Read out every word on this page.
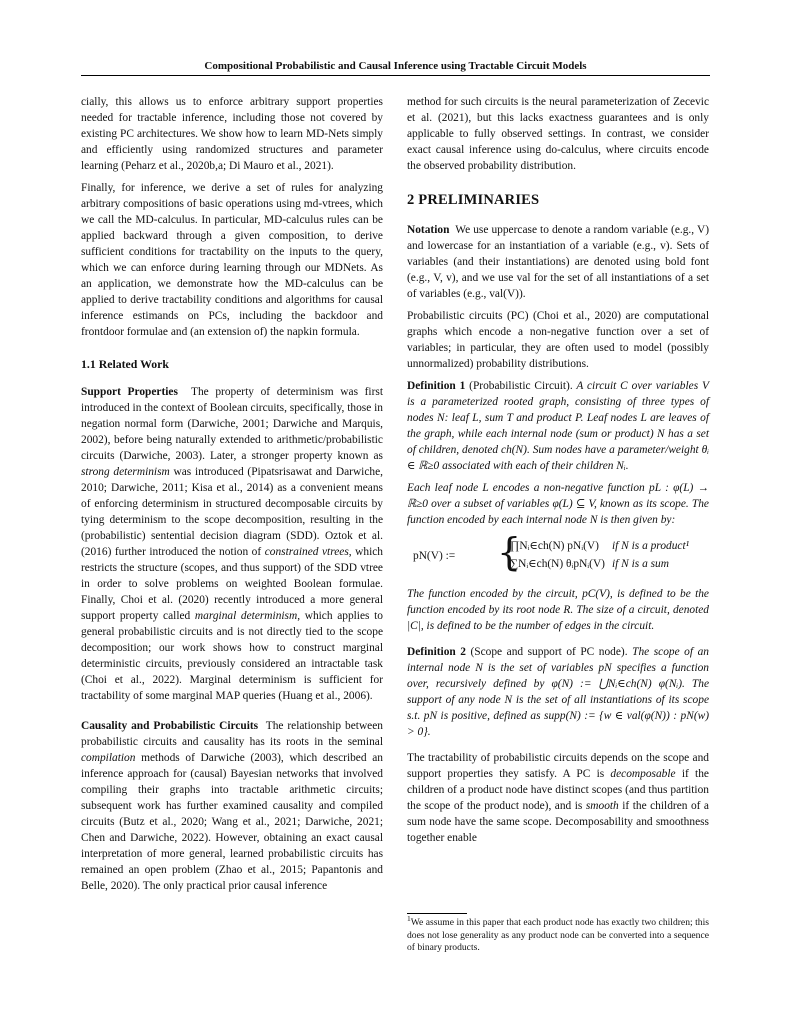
Compositional Probabilistic and Causal Inference using Tractable Circuit Models

cially, this allows us to enforce arbitrary support properties needed for tractable inference, including those not covered by existing PC architectures. We show how to learn MD-Nets simply and efficiently using randomized structures and parameter learning (Peharz et al., 2020b,a; Di Mauro et al., 2021).

Finally, for inference, we derive a set of rules for analyzing arbitrary compositions of basic operations using md-vtrees, which we call the MD-calculus. In particular, MD-calculus rules can be applied backward through a given composition, to derive sufficient conditions for tractability on the inputs to the query, which we can enforce during learning through our MDNets. As an application, we demonstrate how the MD-calculus can be applied to derive tractability conditions and algorithms for causal inference estimands on PCs, including the backdoor and frontdoor formulae and (an extension of) the napkin formula.

1.1 Related Work

Support Properties The property of determinism was first introduced in the context of Boolean circuits, specifically, those in negation normal form (Darwiche, 2001; Darwiche and Marquis, 2002), before being naturally extended to arithmetic/probabilistic circuits (Darwiche, 2003). Later, a stronger property known as strong determinism was introduced (Pipatsrisawat and Darwiche, 2010; Darwiche, 2011; Kisa et al., 2014) as a convenient means of enforcing determinism in structured decomposable circuits by tying determinism to the scope decomposition, resulting in the (probabilistic) sentential decision diagram (SDD). Oztok et al. (2016) further introduced the notion of constrained vtrees, which restricts the structure (scopes, and thus support) of the SDD vtree in order to solve problems on weighted Boolean formulae. Finally, Choi et al. (2020) recently introduced a more general support property called marginal determinism, which applies to general probabilistic circuits and is not directly tied to the scope decomposition; our work shows how to construct marginal deterministic circuits, previously considered an intractable task (Choi et al., 2022). Marginal determinism is sufficient for tractability of some marginal MAP queries (Huang et al., 2006).

Causality and Probabilistic Circuits The relationship between probabilistic circuits and causality has its roots in the seminal compilation methods of Darwiche (2003), which described an inference approach for (causal) Bayesian networks that involved compiling their graphs into tractable arithmetic circuits; subsequent work has further examined causality and compiled circuits (Butz et al., 2020; Wang et al., 2021; Darwiche, 2021; Chen and Darwiche, 2022). However, obtaining an exact causal interpretation of more general, learned probabilistic circuits has remained an open problem (Zhao et al., 2015; Papantonis and Belle, 2020). The only practical prior causal inference

method for such circuits is the neural parameterization of Zecevic et al. (2021), but this lacks exactness guarantees and is only applicable to fully observed settings. In contrast, we consider exact causal inference using do-calculus, where circuits encode the observed probability distribution.

2 PRELIMINARIES

Notation We use uppercase to denote a random variable (e.g., V) and lowercase for an instantiation of a variable (e.g., v). Sets of variables (and their instantiations) are denoted using bold font (e.g., V, v), and we use val for the set of all instantiations of a set of variables (e.g., val(V)).

Probabilistic circuits (PC) (Choi et al., 2020) are computational graphs which encode a non-negative function over a set of variables; in particular, they are often used to model (possibly unnormalized) probability distributions.

Definition 1 (Probabilistic Circuit). A circuit C over variables V is a parameterized rooted graph, consisting of three types of nodes N: leaf L, sum T and product P. Leaf nodes L are leaves of the graph, while each internal node (sum or product) N has a set of children, denoted ch(N). Sum nodes have a parameter/weight θᵢ ∈ ℝ≥0 associated with each of their children Nᵢ.

Each leaf node L encodes a non-negative function pL : φ(L) → ℝ≥0 over a subset of variables φ(L) ⊆ V, known as its scope. The function encoded by each internal node N is then given by:

pN(V) := {
∏Nᵢ∈ch(N) pNᵢ(V) if N is a product¹
∑Nᵢ∈ch(N) θᵢpNᵢ(V) if N is a sum

The function encoded by the circuit, pC(V), is defined to be the function encoded by its root node R. The size of a circuit, denoted |C|, is defined to be the number of edges in the circuit.

Definition 2 (Scope and support of PC node). The scope of an internal node N is the set of variables pN specifies a function over, recursively defined by φ(N) := ⋃Nᵢ∈ch(N) φ(Nᵢ). The support of any node N is the set of all instantiations of its scope s.t. pN is positive, defined as supp(N) := {w ∈ val(φ(N)) : pN(w) > 0}.

The tractability of probabilistic circuits depends on the scope and support properties they satisfy. A PC is decomposable if the children of a product node have distinct scopes (and thus partition the scope of the product node), and is smooth if the children of a sum node have the same scope. Decomposability and smoothness together enable

$^1$We assume in this paper that each product node has exactly two children; this does not lose generality as any product node can be converted into a sequence of binary products.
